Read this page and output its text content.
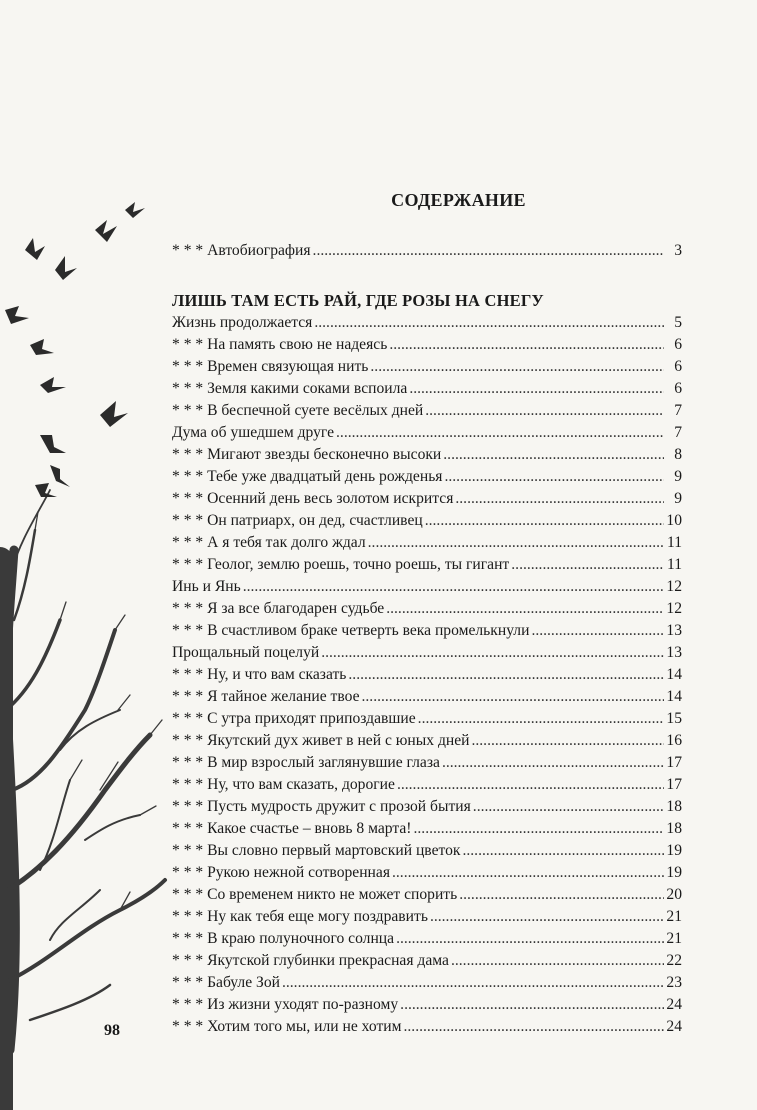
СОДЕРЖАНИЕ
* * * Автобиография .....	3
ЛИШЬ ТАМ ЕСТЬ РАЙ, ГДЕ РОЗЫ НА СНЕГУ
Жизнь продолжается .....	5
* * * На память свою не надеясь .....	6
* * * Времен связующая нить .....	6
* * * Земля какими соками вспоила .....	6
* * * В беспечной суете весёлых дней .....	7
Дума об ушедшем друге .....	7
* * * Мигают звезды бесконечно высоки .....	8
* * * Тебе уже двадцатый день рожденья .....	9
* * * Осенний день весь золотом искрится .....	9
* * * Он патриарх, он дед, счастливец .....	10
* * * А я тебя так долго ждал .....	11
* * * Геолог, землю роешь, точно роешь, ты гигант .....	11
Инь и Янь .....	12
* * * Я за все благодарен судьбе .....	12
* * * В счастливом браке четверть века промелькнули .....	13
Прощальный поцелуй .....	13
* * * Ну, и что вам сказать .....	14
* * * Я тайное желание твое .....	14
* * * С утра приходят припоздавшие .....	15
* * * Якутский дух живет в ней с юных дней .....	16
* * * В мир взрослый заглянувшие глаза .....	17
* * * Ну, что вам сказать, дорогие .....	17
* * * Пусть мудрость дружит с прозой бытия .....	18
* * * Какое счастье – вновь 8 марта! .....	18
* * * Вы словно первый мартовский цветок .....	19
* * * Рукою нежной сотворенная .....	19
* * * Со временем никто не может спорить .....	20
* * * Ну как тебя еще могу поздравить .....	21
* * * В краю полуночного солнца .....	21
* * * Якутской глубинки прекрасная дама .....	22
* * * Бабуле Зой .....	23
* * * Из жизни уходят по-разному .....	24
* * * Хотим того мы, или не хотим .....	24
98
